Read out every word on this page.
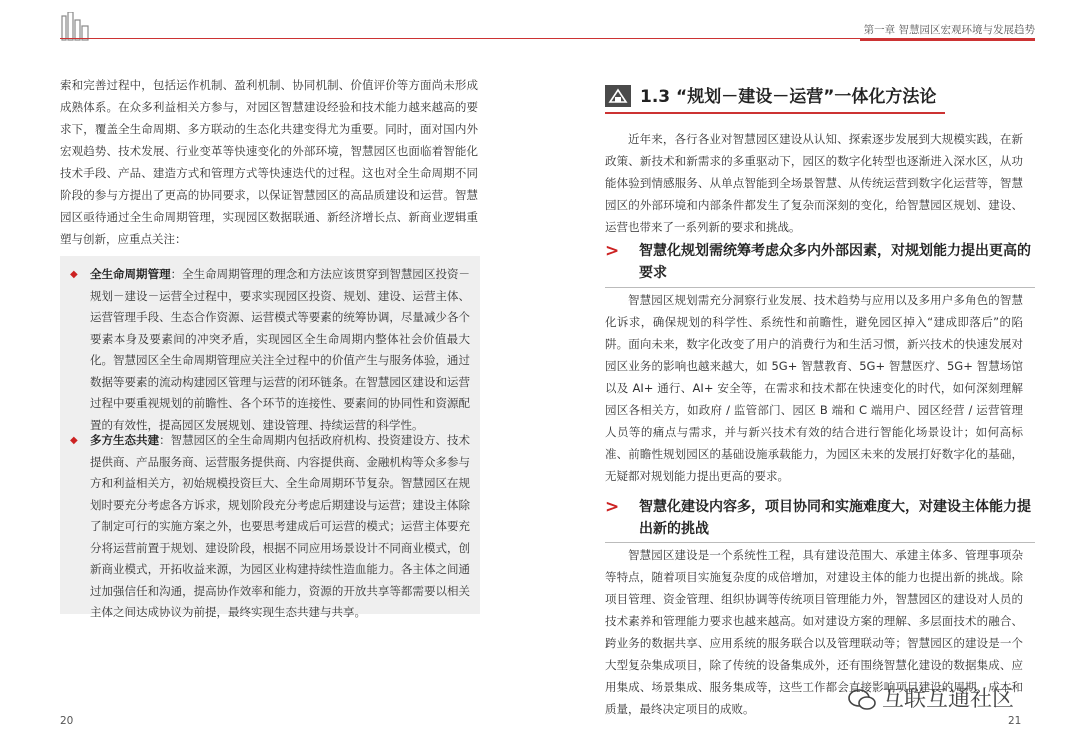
第一章 智慧园区宏观环境与发展趋势

索和完善过程中，包括运作机制、盈利机制、协同机制、价值评价等方面尚未形成成熟体系。在众多利益相关方参与，对园区智慧建设经验和技术能力越来越高的要求下，覆盖全生命周期、多方联动的生态化共建变得尤为重要。同时，面对国内外宏观趋势、技术发展、行业变革等快速变化的外部环境，智慧园区也面临着智能化技术手段、产品、建造方式和管理方式等快速迭代的过程。这也对全生命周期不同阶段的参与方提出了更高的协同要求，以保证智慧园区的高品质建设和运营。智慧园区亟待通过全生命周期管理，实现园区数据联通、新经济增长点、新商业逻辑重塑与创新，应重点关注：

◆ 全生命周期管理：全生命周期管理的理念和方法应该贯穿到智慧园区投资－规划－建设－运营全过程中，要求实现园区投资、规划、建设、运营主体、运营管理手段、生态合作资源、运营模式等要素的统筹协调，尽量减少各个要素本身及要素间的冲突矛盾，实现园区全生命周期内整体社会价值最大化。智慧园区全生命周期管理应关注全过程中的价值产生与服务体验，通过数据等要素的流动构建园区管理与运营的闭环链条。在智慧园区建设和运营过程中要重视规划的前瞻性、各个环节的连接性、要素间的协同性和资源配置的有效性，提高园区发展规划、建设管理、持续运营的科学性。
◆ 多方生态共建：智慧园区的全生命周期内包括政府机构、投资建设方、技术提供商、产品服务商、运营服务提供商、内容提供商、金融机构等众多参与方和利益相关方，初始规模投资巨大、全生命周期环节复杂。智慧园区在规划时要充分考虑各方诉求，规划阶段充分考虑后期建设与运营；建设主体除了制定可行的实施方案之外，也要思考建成后可运营的模式；运营主体要充分将运营前置于规划、建设阶段，根据不同应用场景设计不同商业模式，创新商业模式，开拓收益来源，为园区业构建持续性造血能力。各主体之间通过加强信任和沟通，提高协作效率和能力，资源的开放共享等都需要以相关主体之间达成协议为前提，最终实现生态共建与共享。
20
1.3 “规划－建设－运营”一体化方法论

近年来，各行各业对智慧园区建设从认知、探索逐步发展到大规模实践，在新政策、新技术和新需求的多重驱动下，园区的数字化转型也逐渐进入深水区，从功能体验到情感服务、从单点智能到全场景智慧、从传统运营到数字化运营等，智慧园区的外部环境和内部条件都发生了复杂而深刻的变化，给智慧园区规划、建设、运营也带来了一系列新的要求和挑战。

> 智慧化规划需统筹考虑众多内外部因素，对规划能力提出更高的要求

智慧园区规划需充分洞察行业发展、技术趋势与应用以及多用户多角色的智慧化诉求，确保规划的科学性、系统性和前瞻性，避免园区掉入“建成即落后”的陷阱。面向未来，数字化改变了用户的消费行为和生活习惯，新兴技术的快速发展对园区业务的影响也越来越大，如 5G+ 智慧教育、5G+ 智慧医疗、5G+ 智慧场馆以及 AI+ 通行、AI+ 安全等，在需求和技术都在快速变化的时代，如何深刻理解园区各相关方，如政府 / 监管部门、园区 B 端和 C 端用户、园区经营 / 运营管理人员等的痛点与需求，并与新兴技术有效的结合进行智能化场景设计；如何高标准、前瞻性规划园区的基础设施承载能力，为园区未来的发展打好数字化的基础，无疑都对规划能力提出更高的要求。

> 智慧化建设内容多，项目协同和实施难度大，对建设主体能力提出新的挑战

智慧园区建设是一个系统性工程，具有建设范围大、承建主体多、管理事项杂等特点，随着项目实施复杂度的成倍增加，对建设主体的能力也提出新的挑战。除项目管理、资金管理、组织协调等传统项目管理能力外，智慧园区的建设对人员的技术素养和管理能力要求也越来越高。如对建设方案的理解、多层面技术的融合、跨业务的数据共享、应用系统的服务联合以及管理联动等；智慧园区的建设是一个大型复杂集成项目，除了传统的设备集成外，还有围绕智慧化建设的数据集成、应用集成、场景集成、服务集成等，这些工作都会直接影响项目建设的周期、成本和质量，最终决定项目的成败。	互联互通社区
21
